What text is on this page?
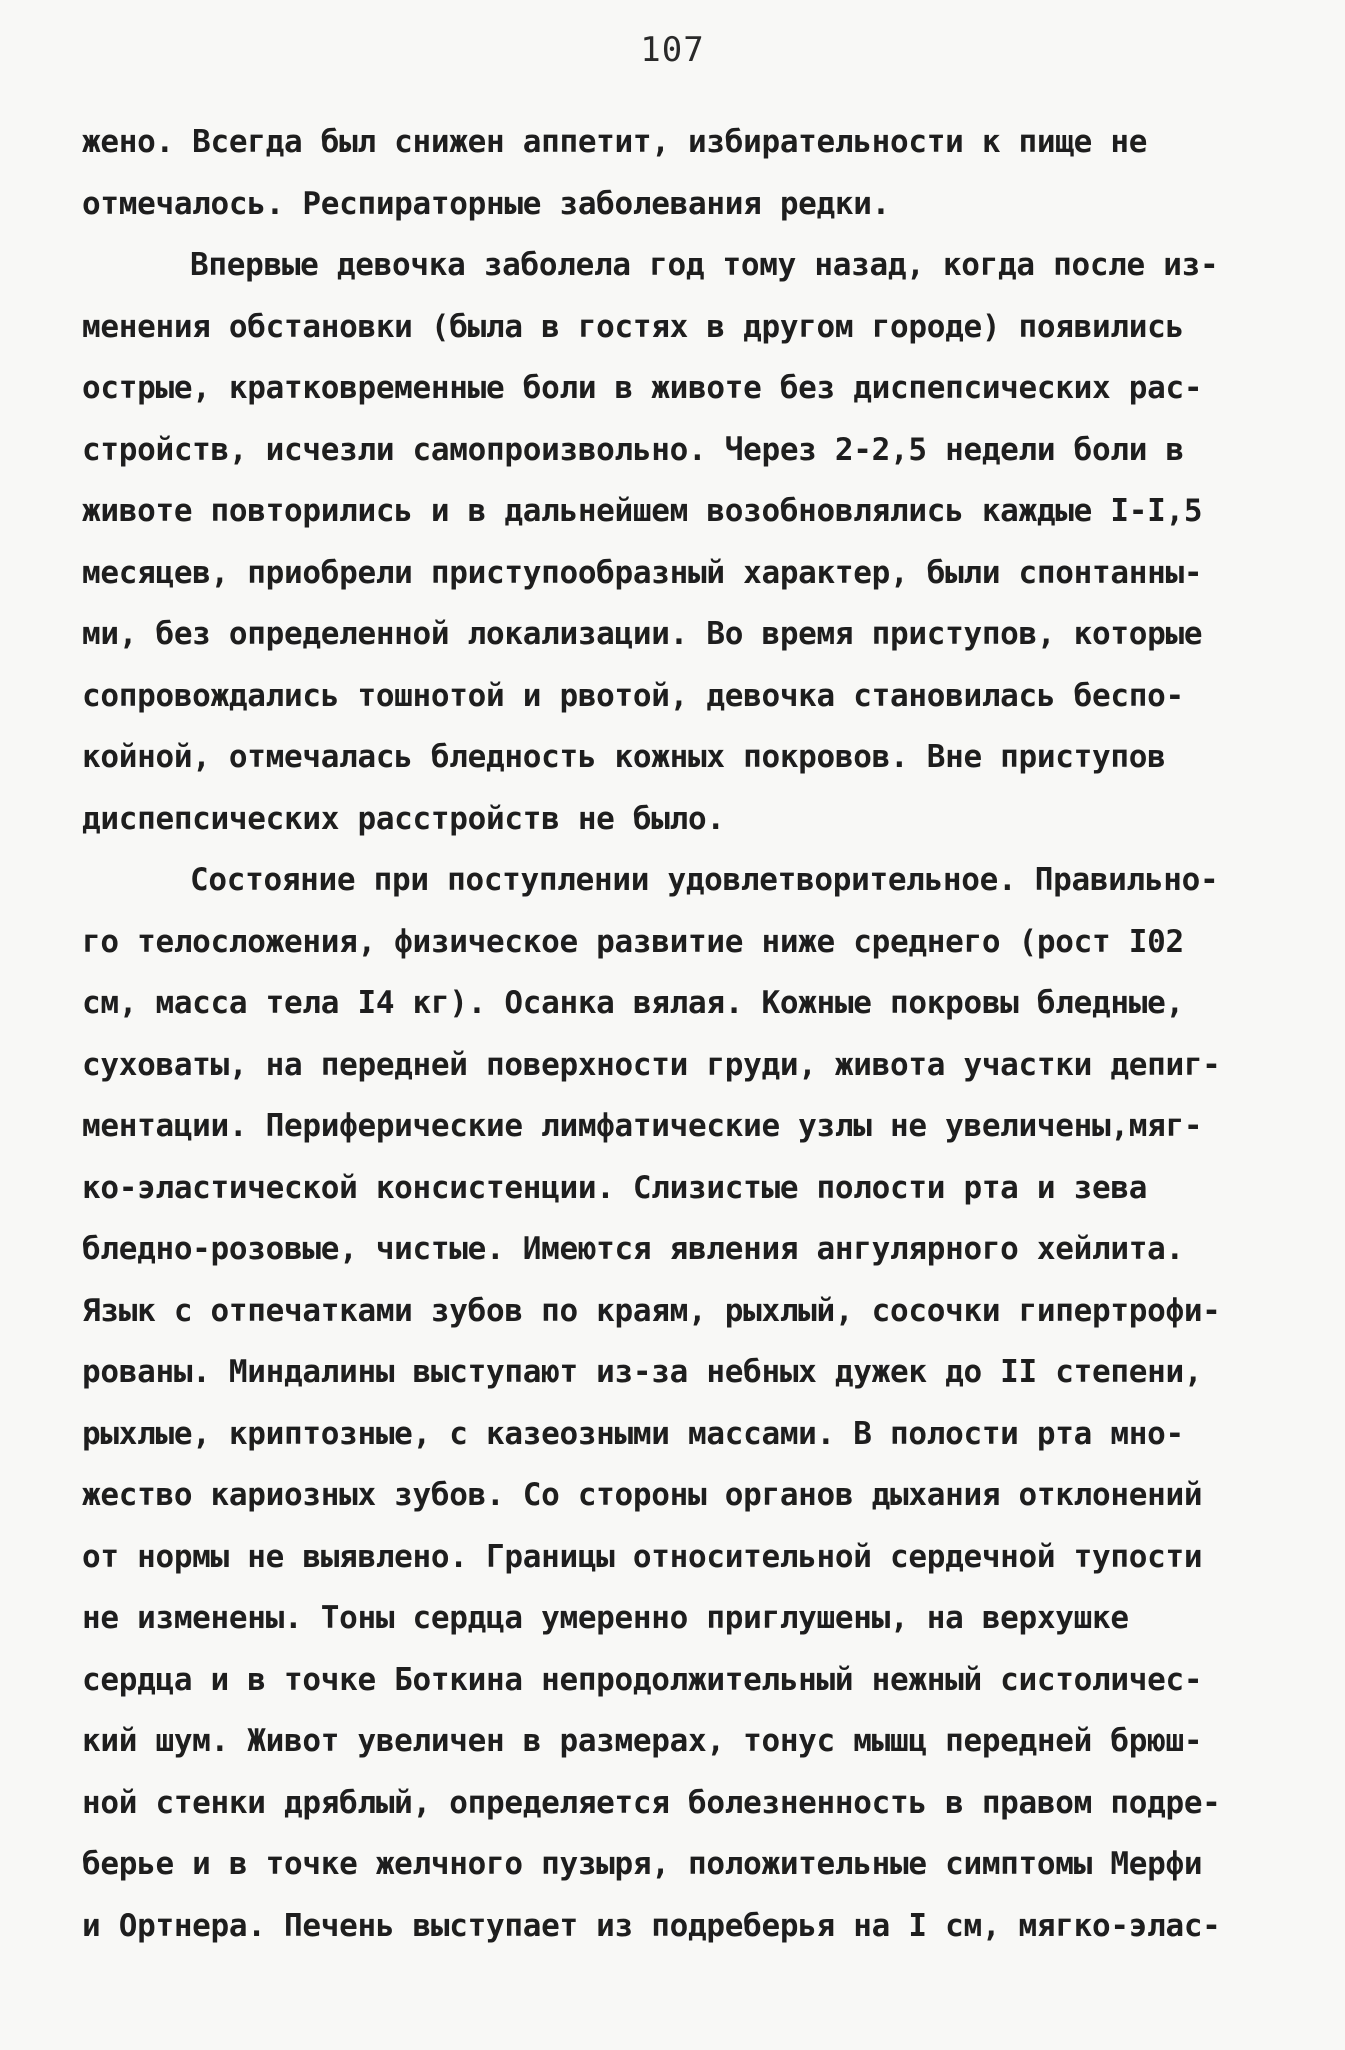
107
жено. Всегда был снижен аппетит, избирательности к пище не
отмечалось. Респираторные заболевания редки.
Впервые девочка заболела год тому назад, когда после из-
менения обстановки (была в гостях в другом городе) появились
острые, кратковременные боли в животе без диспепсических рас-
стройств, исчезли самопроизвольно. Через 2-2,5 недели боли в
животе повторились и в дальнейшем возобновлялись каждые I-I,5
месяцев, приобрели приступообразный характер, были спонтанны-
ми, без определенной локализации. Во время приступов, которые
сопровождались тошнотой и рвотой, девочка становилась беспо-
койной, отмечалась бледность кожных покровов. Вне приступов
диспепсических расстройств не было.
Состояние при поступлении удовлетворительное. Правильно-
го телосложения, физическое развитие ниже среднего (рост I02
см, масса тела I4 кг). Осанка вялая. Кожные покровы бледные,
суховаты, на передней поверхности груди, живота участки депиг-
ментации. Периферические лимфатические узлы не увеличены,мяг-
ко-эластической консистенции. Слизистые полости рта и зева
бледно-розовые, чистые. Имеются явления ангулярного хейлита.
Язык с отпечатками зубов по краям, рыхлый, сосочки гипертрофи-
рованы. Миндалины выступают из-за небных дужек до II степени,
рыхлые, криптозные, с казеозными массами. В полости рта мно-
жество кариозных зубов. Со стороны органов дыхания отклонений
от нормы не выявлено. Границы относительной сердечной тупости
не изменены. Тоны сердца умеренно приглушены, на верхушке
сердца и в точке Боткина непродолжительный нежный систоличес-
кий шум. Живот увеличен в размерах, тонус мышц передней брюш-
ной стенки дряблый, определяется болезненность в правом подре-
берье и в точке желчного пузыря, положительные симптомы Мерфи
и Ортнера. Печень выступает из подреберья на I см, мягко-элас-
